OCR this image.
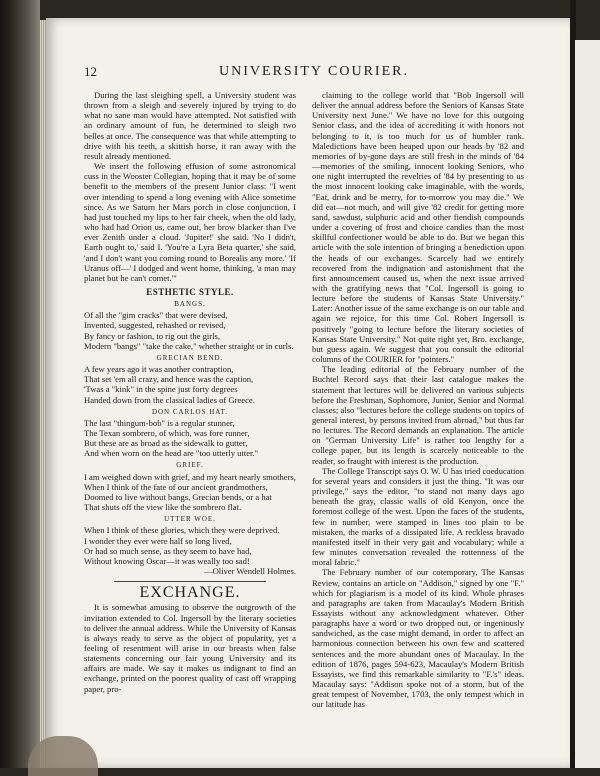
12	UNIVERSITY COURIER.

During the last sleighing spell, a University student was thrown from a sleigh and severely injured by trying to do what no sane man would have attempted. Not satisfied with an ordinary amount of fun, he determined to sleigh two belles at once. The consequence was that while attempting to drive with his teeth, a skittish horse, it ran away with the result already mentioned.

We insert the following effusion of some astronomical cuss in the Wooster Collegian, hoping that it may be of some benefit to the members of the present Junior class: "I went over intending to spend a long evening with Alice sometime since. As we Saturn her Mars porch in close conjunction, I had just touched my lips to her fair cheek, when the old lady, who had had Orion us, came out, her brow blacker than I've ever Zenith under a cloud. 'Jupiter!' she said. 'No I didn't, Earth ought to,' said I. 'You're a Lyra Beta quarter,' she said, 'and I don't want you coming round to Borealis any more.' 'If Uranus off—' I dodged and went home, thinking, 'a man may planet but he can't comet.'"

ESTHETIC STYLE.
BANGS.

Of all the "gim cracks" that were devised,

Invented, suggested, rehashed or revised,

By fancy or fashion, to rig out the girls,

Modern "bangs" "take the cake," whether straight or in curls.

GRECIAN BEND.

A few years ago it was another contraption,

That set 'em all crazy, and hence was the caption,

'Twas a "kink" in the spine just forty degrees

Handed down from the classical ladies of Greece.

DON CARLOS HAT.

The last "thingum-bob" is a regular stunner,

The Texan sombrero, of which, was fore runner,

But these are as broad as the sidewalk to gutter,

And when worn on the head are "too utterly utter."

GRIEF.

I am weighed down with grief, and my heart nearly smothers,

When I think of the fate of our ancient grandmothers,

Doomed to live without bangs, Grecian bends, or a hat

That shuts off the view like the sombrero flat.

UTTER WOE.

When I think of these glories, which they were deprived.

I wonder they ever were half so long lived,

Or had so much sense, as they seem to have had,

Without knowing Oscar—it was weally too sad!

—Oliver Wendell Holmes.
EXCHANGE.

It is somewhat amusing to observe the outgrowth of the invitation extended to Col. Ingersoll by the literary societies to deliver the annual address. While the University of Kansas is always ready to serve as the object of popularity, yet a feeling of resentment will arise in our breasts when false statements concerning our fair young University and its affairs are made. We say it makes us indignant to find an exchange, printed on the poorest quality of cast off wrapping paper, pro-

claiming to the college world that "Bob Ingersoll will deliver the annual address before the Seniors of Kansas State University next June." We have no love for this outgoing Senior class, and the idea of accrediting it with honors not belonging to it, is too much for us of humbler rank. Maledictions have been heaped upon our heads by '82 and memories of by-gone days are still fresh in the minds of '84—memories of the smiling, innocent looking Seniors, who one night interrupted the revelries of '84 by presenting to us the most innocent looking cake imaginable, with the words, "Eat, drink and be merry, for to-morrow you may die." We did eat—not much, and will give '82 credit for getting more sand, sawdust, sulphuric acid and other fiendish compounds under a covering of frost and choice candies than the most skillful confectioner would be able to do. But we began this article with the sole intention of bringing a benediction upon the heads of our exchanges. Scarcely had we entirely recovered from the indignation and astonishment that the first announcement caused us, when the next issue arrived with the gratifying news that "Col. Ingersoll is going to lecture before the students of Kansas State University." Later: Another issue of the same exchange is on our table and again we rejoice, for this time Col. Robert Ingersoll is positively "going to lecture before the literary societies of Kansas State University." Not quite right yet, Bro. exchange, but guess again. We suggest that you consult the editorial columns of the COURIER for "pointers."

The leading editorial of the February number of the Buchtel Record says that their last catalogue makes the statement that lectures will be delivered on various subjects before the Freshman, Sophomore, Junior, Senior and Normal classes; also "lectures before the college students on topics of general interest, by persons invited from abroad," but thus far no lectures. The Record demands an explanation. The article on "German University Life" is rather too lengthy for a college paper, but its length is scarcely noticeable to the reader, so fraught with interest is the production.

The College Transcript says O. W. U has tried coeducation for several years and considers it just the thing. "It was our privilege," says the editor, "to stand not many days ago beneath the gray, classic walls of old Kenyon, once the foremost college of the west. Upon the faces of the students, few in number, were stamped in lines too plain to be mistaken, the marks of a dissipated life. A reckless bravado manifested itself in their very gait and vocabulary; while a few minutes conversation revealed the rottenness of the moral fabric."

The February number of our cotemporary, The Kansas Review, contains an article on "Addison," signed by one "F." which for plagiarism is a model of its kind. Whole phrases and paragraphs are taken from Macaulay's Modern British Essayists without any acknowledgment whatever. Other paragraphs have a word or two dropped out, or ingeniously sandwiched, as the case might demand, in order to affect an harmonious connection between his own few and scattered sentences and the more abundant ones of Macaulay. In the edition of 1876, pages 594-623, Macaulay's Modern British Essayists, we find this remarkable similarity to "F.'s" ideas. Macaulay says: "Addison spoke not of a storm, but of the great tempest of November, 1703, the only tempest which in our latitude has
